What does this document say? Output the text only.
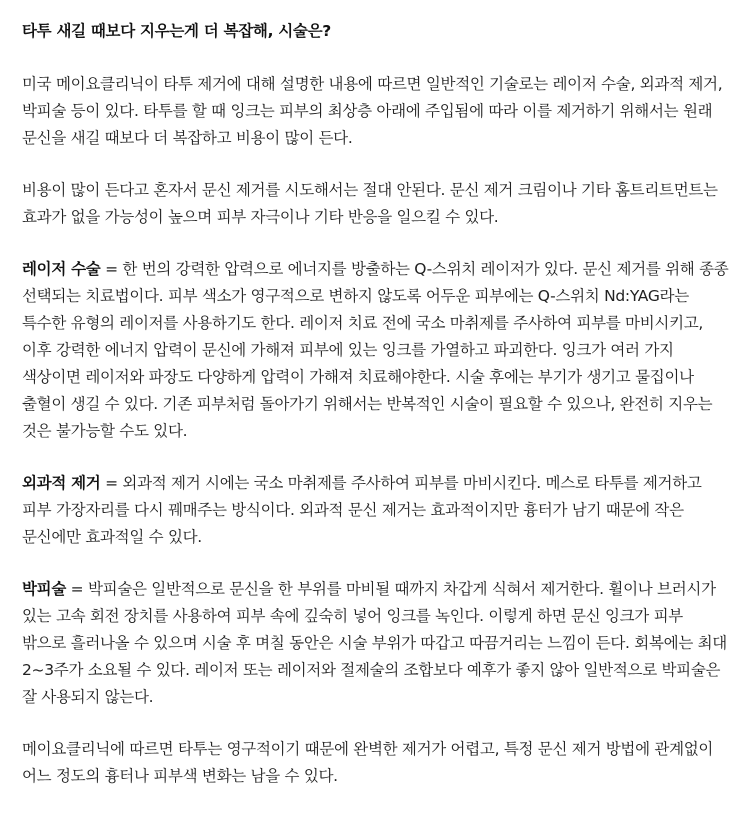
타투 새길 때보다 지우는게 더 복잡해, 시술은?

미국 메이요클리닉이 타투 제거에 대해 설명한 내용에 따르면 일반적인 기술로는 레이저 수술, 외과적 제거, 박피술 등이 있다. 타투를 할 때 잉크는 피부의 최상층 아래에 주입됨에 따라 이를 제거하기 위해서는 원래 문신을 새길 때보다 더 복잡하고 비용이 많이 든다.

비용이 많이 든다고 혼자서 문신 제거를 시도해서는 절대 안된다. 문신 제거 크림이나 기타 홈트리트먼트는 효과가 없을 가능성이 높으며 피부 자극이나 기타 반응을 일으킬 수 있다.

레이저 수술 = 한 번의 강력한 압력으로 에너지를 방출하는 Q-스위치 레이저가 있다. 문신 제거를 위해 종종 선택되는 치료법이다. 피부 색소가 영구적으로 변하지 않도록 어두운 피부에는 Q-스위치 Nd:YAG라는 특수한 유형의 레이저를 사용하기도 한다. 레이저 치료 전에 국소 마취제를 주사하여 피부를 마비시키고, 이후 강력한 에너지 압력이 문신에 가해져 피부에 있는 잉크를 가열하고 파괴한다. 잉크가 여러 가지 색상이면 레이저와 파장도 다양하게 압력이 가해져 치료해야한다. 시술 후에는 부기가 생기고 물집이나 출혈이 생길 수 있다. 기존 피부처럼 돌아가기 위해서는 반복적인 시술이 필요할 수 있으나, 완전히 지우는 것은 불가능할 수도 있다.

외과적 제거 = 외과적 제거 시에는 국소 마취제를 주사하여 피부를 마비시킨다. 메스로 타투를 제거하고 피부 가장자리를 다시 꿰매주는 방식이다. 외과적 문신 제거는 효과적이지만 흉터가 남기 때문에 작은 문신에만 효과적일 수 있다.

박피술 = 박피술은 일반적으로 문신을 한 부위를 마비될 때까지 차갑게 식혀서 제거한다. 휠이나 브러시가 있는 고속 회전 장치를 사용하여 피부 속에 깊숙히 넣어 잉크를 녹인다. 이렇게 하면 문신 잉크가 피부 밖으로 흘러나올 수 있으며 시술 후 며칠 동안은 시술 부위가 따갑고 따끔거리는 느낌이 든다. 회복에는 최대 2~3주가 소요될 수 있다. 레이저 또는 레이저와 절제술의 조합보다 예후가 좋지 않아 일반적으로 박피술은 잘 사용되지 않는다.

메이요클리닉에 따르면 타투는 영구적이기 때문에 완벽한 제거가 어렵고, 특정 문신 제거 방법에 관계없이 어느 정도의 흉터나 피부색 변화는 남을 수 있다.
